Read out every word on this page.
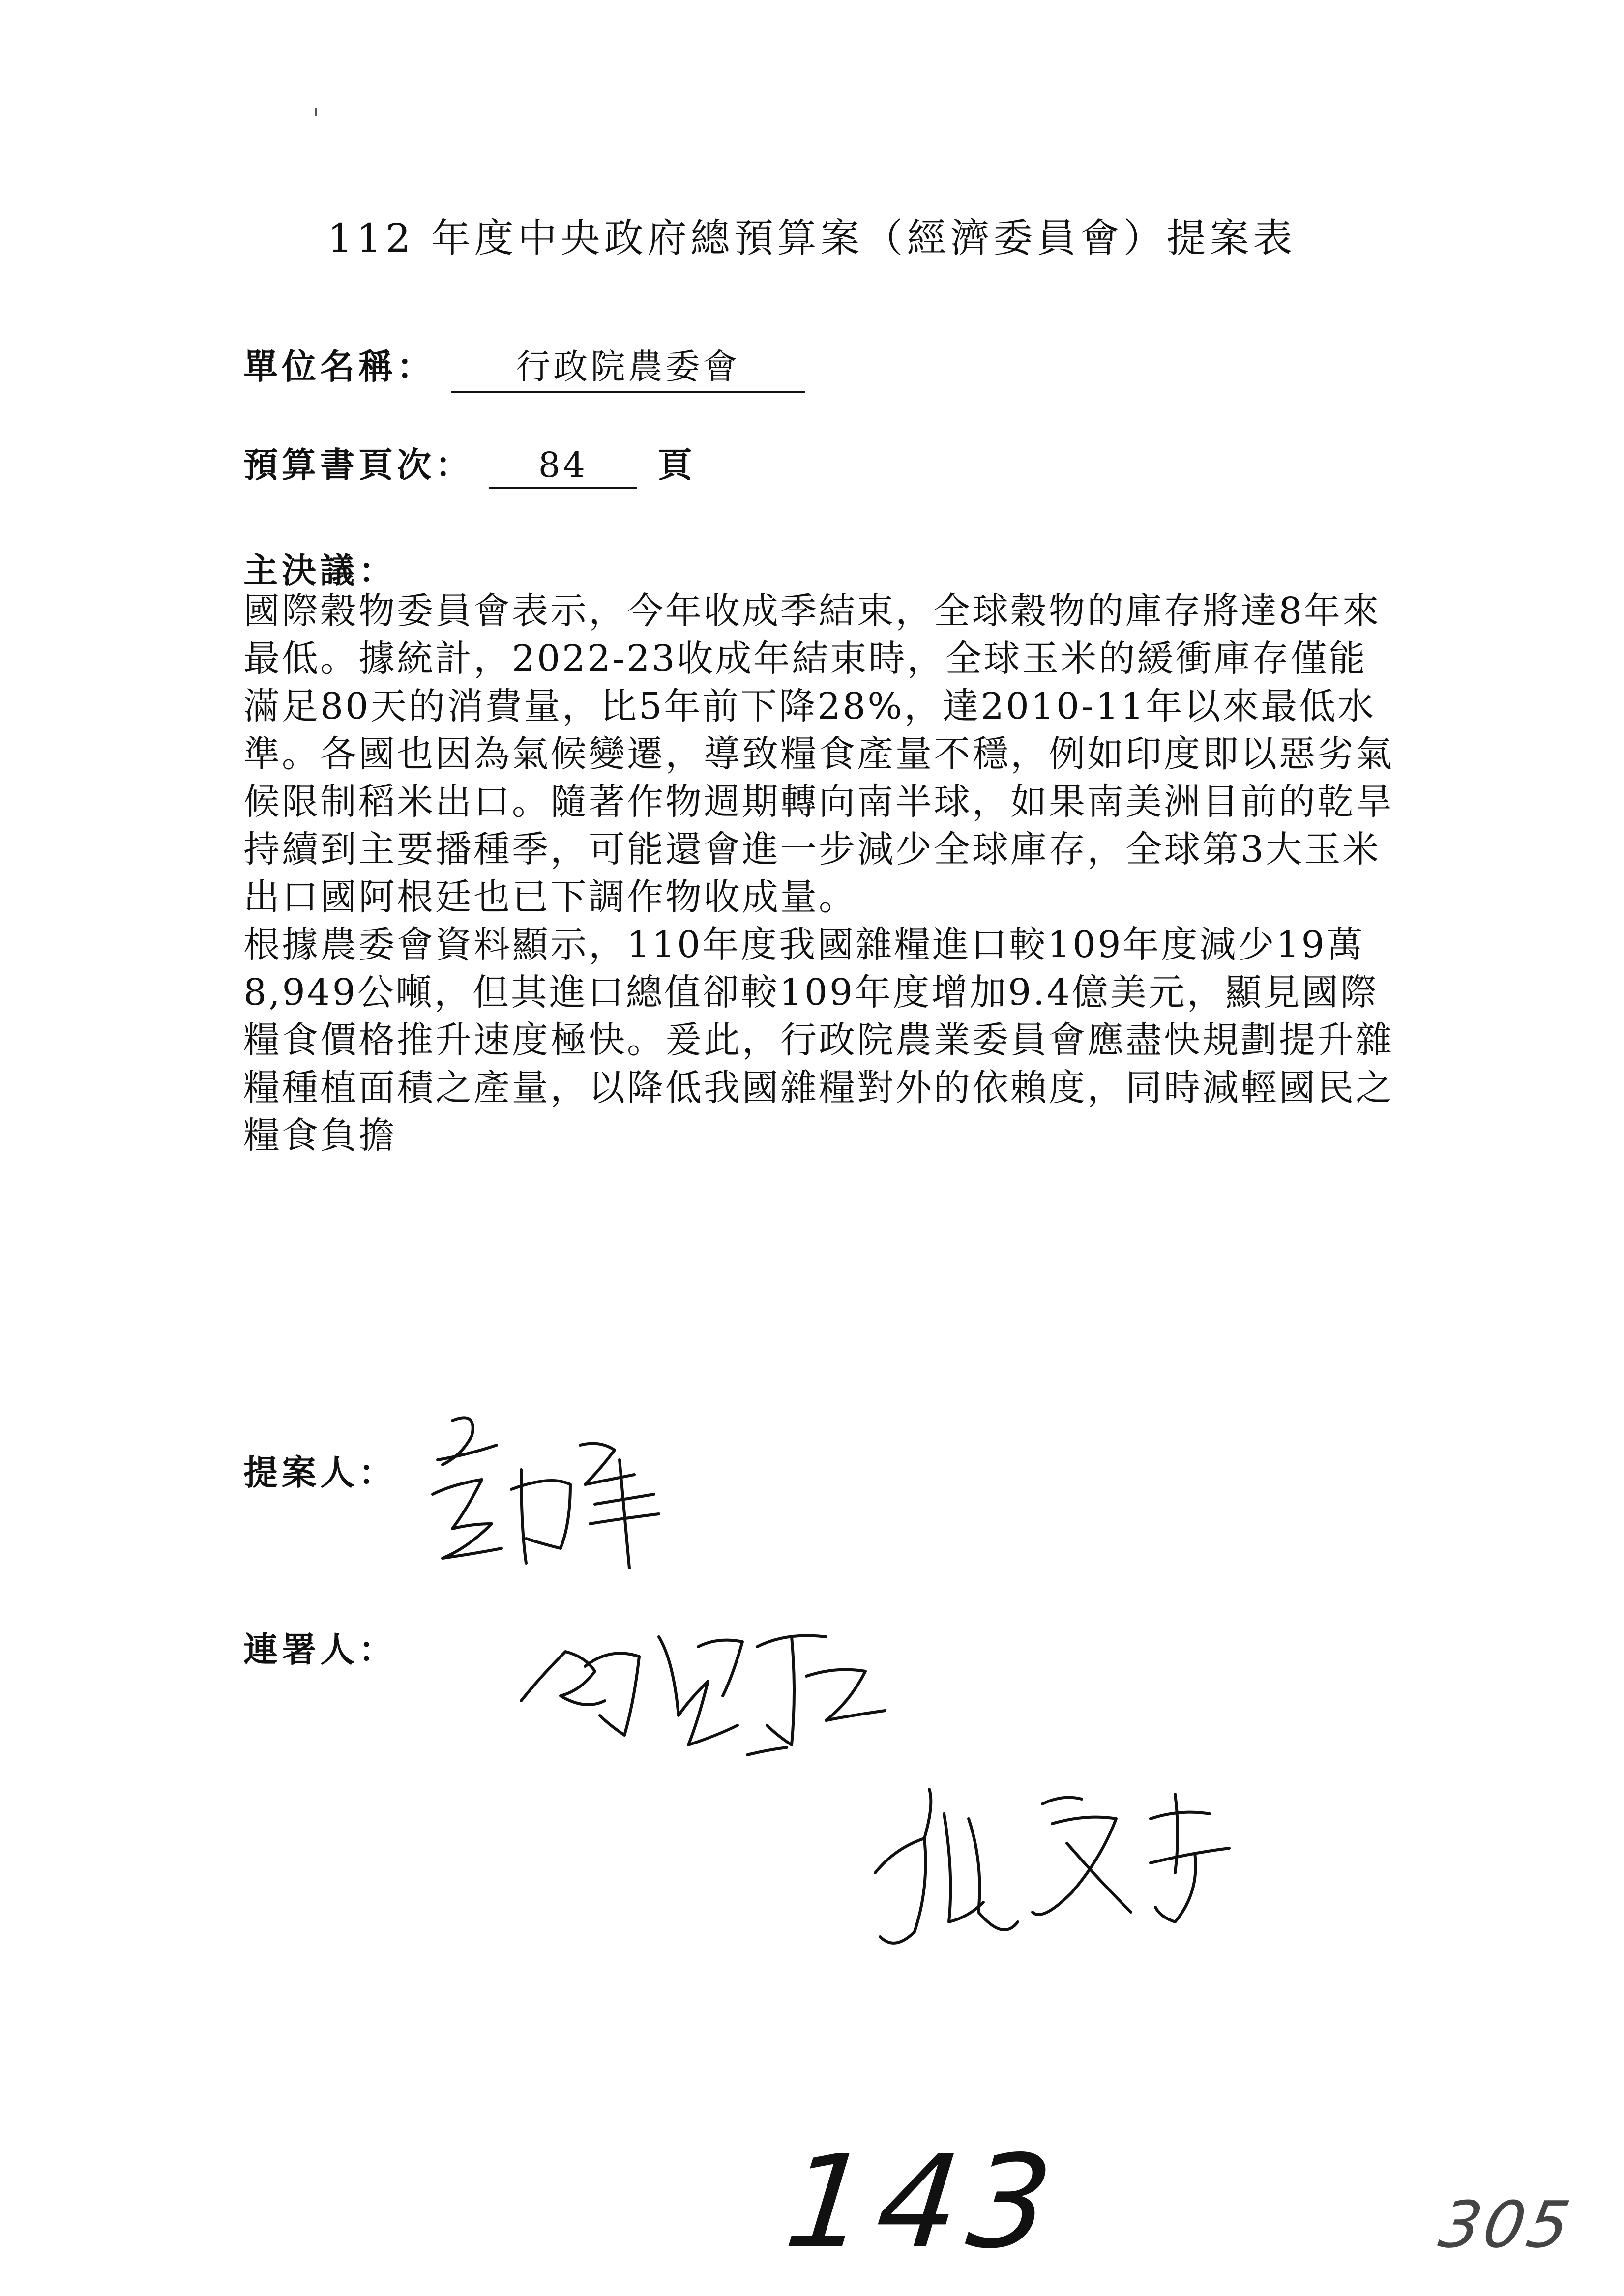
112 年度中央政府總預算案（經濟委員會）提案表
單位名稱： 行政院農委會
預算書頁次： 84 頁
主決議：

國際穀物委員會表示，今年收成季結束，全球穀物的庫存將達8年來最低。據統計，2022-23收成年結束時，全球玉米的緩衝庫存僅能滿足80天的消費量，比5年前下降28%，達2010-11年以來最低水準。各國也因為氣候變遷，導致糧食產量不穩，例如印度即以惡劣氣候限制稻米出口。隨著作物週期轉向南半球，如果南美洲目前的乾旱持續到主要播種季，可能還會進一步減少全球庫存，全球第3大玉米出口國阿根廷也已下調作物收成量。

根據農委會資料顯示，110年度我國雜糧進口較109年度減少19萬8,949公噸，但其進口總值卻較109年度增加9.4億美元，顯見國際糧食價格推升速度極快。爰此，行政院農業委員會應盡快規劃提升雜糧種植面積之產量，以降低我國雜糧對外的依賴度，同時減輕國民之糧食負擔

提案人：
連署人：
143	305
